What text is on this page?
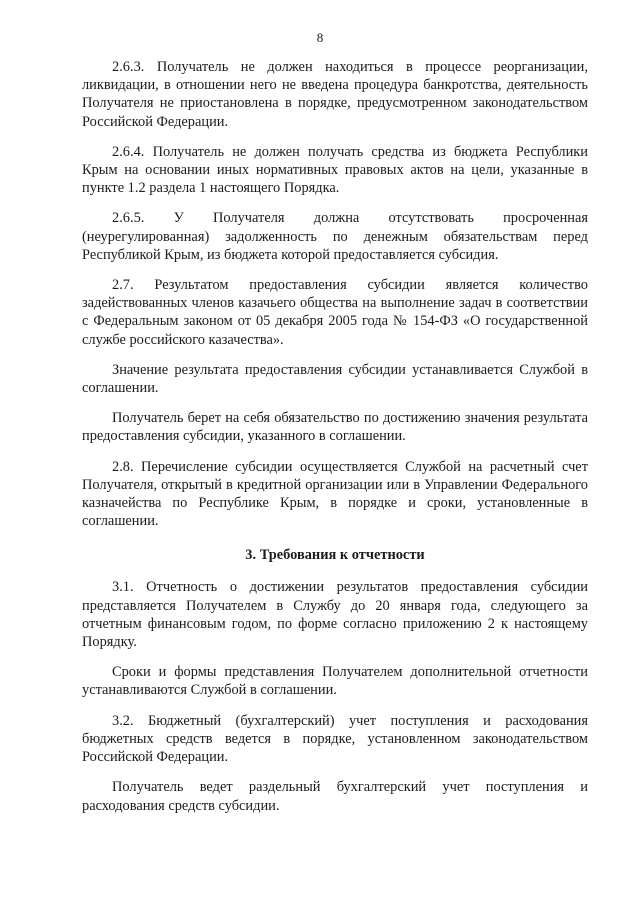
8

2.6.3. Получатель не должен находиться в процессе реорганизации, ликвидации, в отношении него не введена процедура банкротства, деятельность Получателя не приостановлена в порядке, предусмотренном законодательством Российской Федерации.

2.6.4. Получатель не должен получать средства из бюджета Республики Крым на основании иных нормативных правовых актов на цели, указанные в пункте 1.2 раздела 1 настоящего Порядка.

2.6.5. У Получателя должна отсутствовать просроченная (неурегулированная) задолженность по денежным обязательствам перед Республикой Крым, из бюджета которой предоставляется субсидия.

2.7. Результатом предоставления субсидии является количество задействованных членов казачьего общества на выполнение задач в соответствии с Федеральным законом от 05 декабря 2005 года № 154-ФЗ «О государственной службе российского казачества».

Значение результата предоставления субсидии устанавливается Службой в соглашении.

Получатель берет на себя обязательство по достижению значения результата предоставления субсидии, указанного в соглашении.

2.8. Перечисление субсидии осуществляется Службой на расчетный счет Получателя, открытый в кредитной организации или в Управлении Федерального казначейства по Республике Крым, в порядке и сроки, установленные в соглашении.

3. Требования к отчетности

3.1. Отчетность о достижении результатов предоставления субсидии представляется Получателем в Службу до 20 января года, следующего за отчетным финансовым годом, по форме согласно приложению 2 к настоящему Порядку.

Сроки и формы представления Получателем дополнительной отчетности устанавливаются Службой в соглашении.

3.2. Бюджетный (бухгалтерский) учет поступления и расходования бюджетных средств ведется в порядке, установленном законодательством Российской Федерации.

Получатель ведет раздельный бухгалтерский учет поступления и расходования средств субсидии.
